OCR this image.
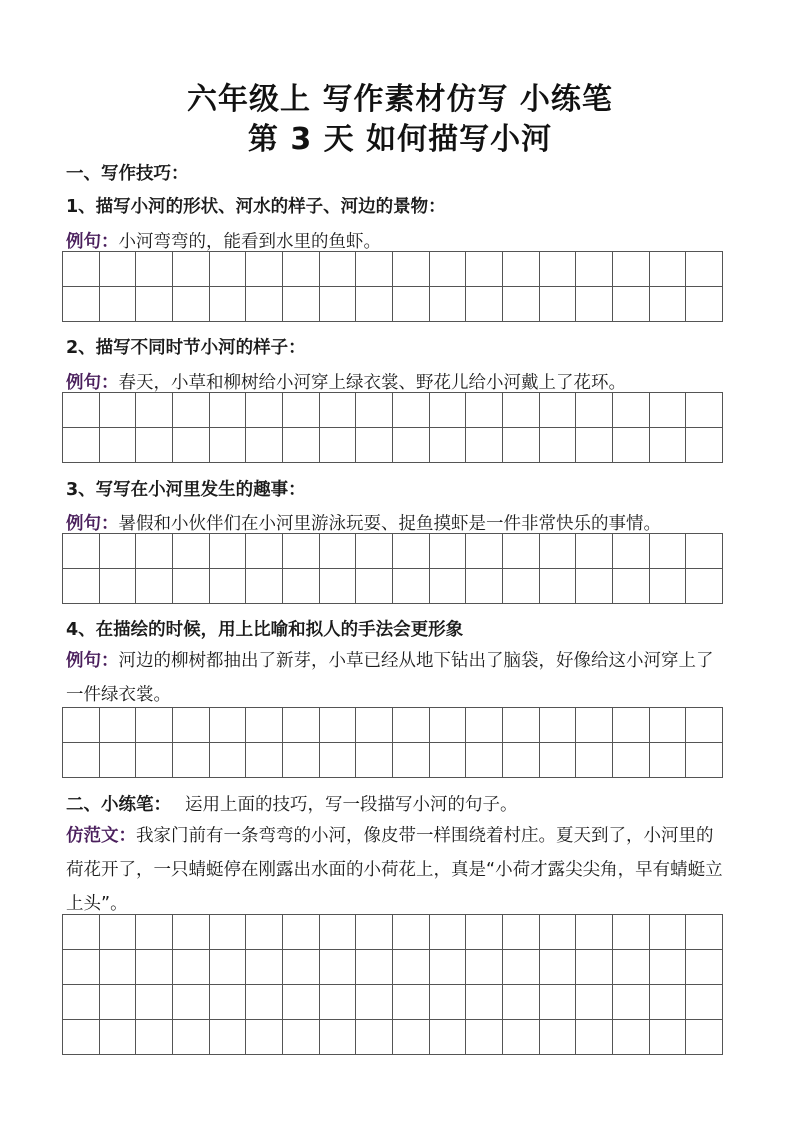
六年级上 写作素材仿写 小练笔
第 3 天 如何描写小河
一、写作技巧：
1、描写小河的形状、河水的样子、河边的景物：
例句：小河弯弯的，能看到水里的鱼虾。
2、描写不同时节小河的样子：
例句：春天，小草和柳树给小河穿上绿衣裳、野花儿给小河戴上了花环。
3、写写在小河里发生的趣事：
例句：暑假和小伙伴们在小河里游泳玩耍、捉鱼摸虾是一件非常快乐的事情。
4、在描绘的时候，用上比喻和拟人的手法会更形象
例句：河边的柳树都抽出了新芽，小草已经从地下钻出了脑袋，好像给这小河穿上了一件绿衣裳。
二、小练笔： 运用上面的技巧，写一段描写小河的句子。
仿范文：我家门前有一条弯弯的小河，像皮带一样围绕着村庄。夏天到了，小河里的荷花开了，一只蜻蜓停在刚露出水面的小荷花上，真是“小荷才露尖尖角，早有蜻蜓立上头”。
